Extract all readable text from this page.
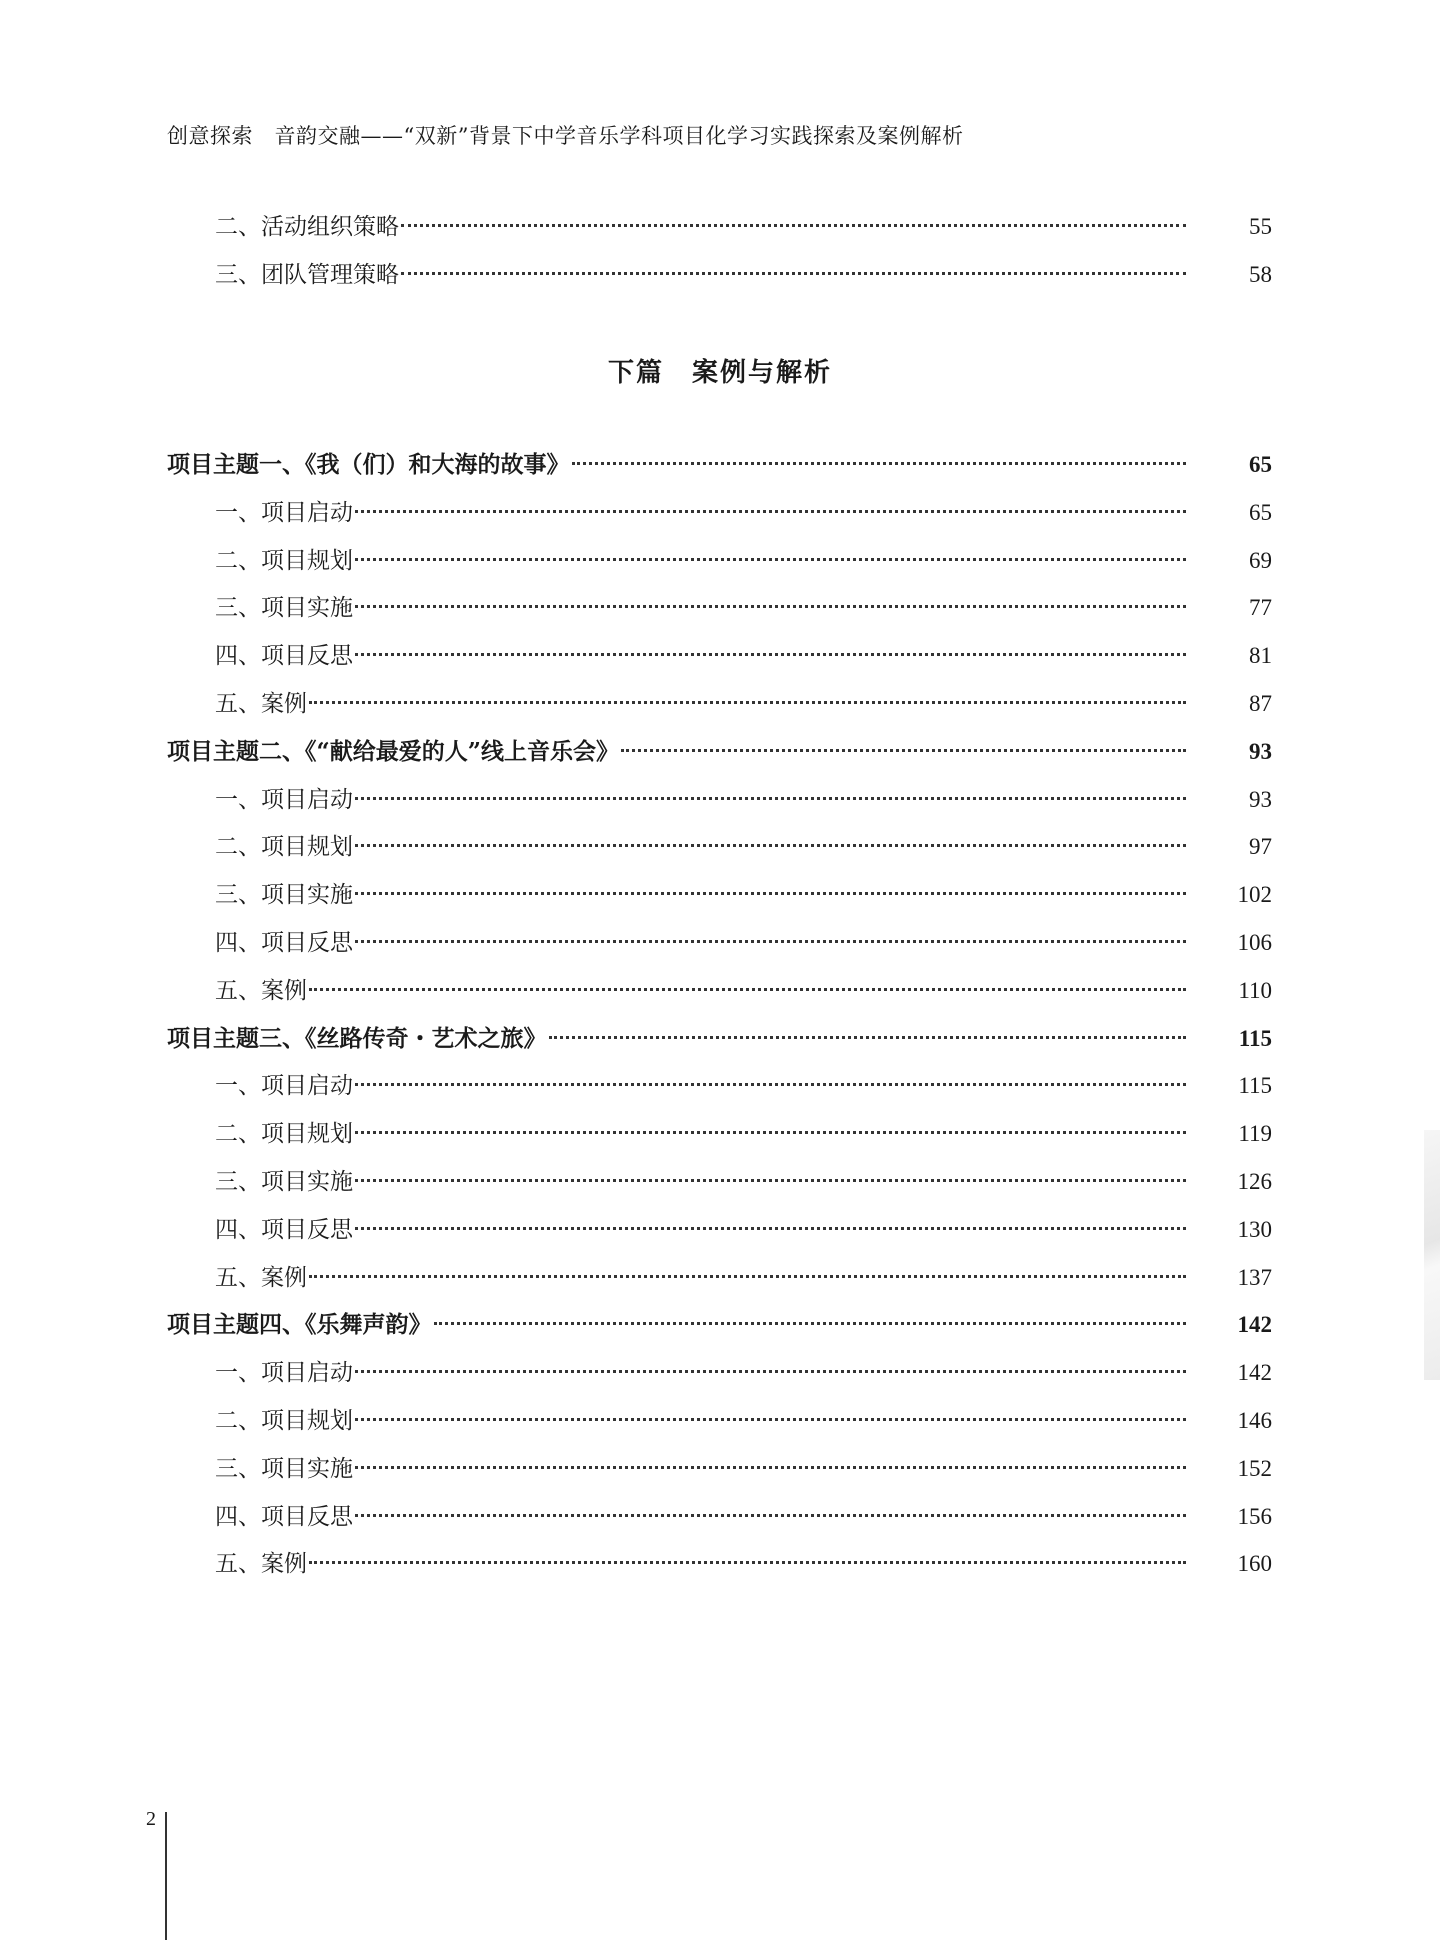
创意探索　音韵交融——“双新”背景下中学音乐学科项目化学习实践探索及案例解析
二、活动组织策略	55
三、团队管理策略	58
项目主题一、《我（们）和大海的故事》	65
一、项目启动	65
二、项目规划	69
三、项目实施	77
四、项目反思	81
五、案例	87
项目主题二、《“献给最爱的人”线上音乐会》	93
一、项目启动	93
二、项目规划	97
三、项目实施	102
四、项目反思	106
五、案例	110
项目主题三、《丝路传奇・艺术之旅》	115
一、项目启动	115
二、项目规划	119
三、项目实施	126
四、项目反思	130
五、案例	137
项目主题四、《乐舞声韵》	142
一、项目启动	142
二、项目规划	146
三、项目实施	152
四、项目反思	156
五、案例	160
下篇　案例与解析
2
